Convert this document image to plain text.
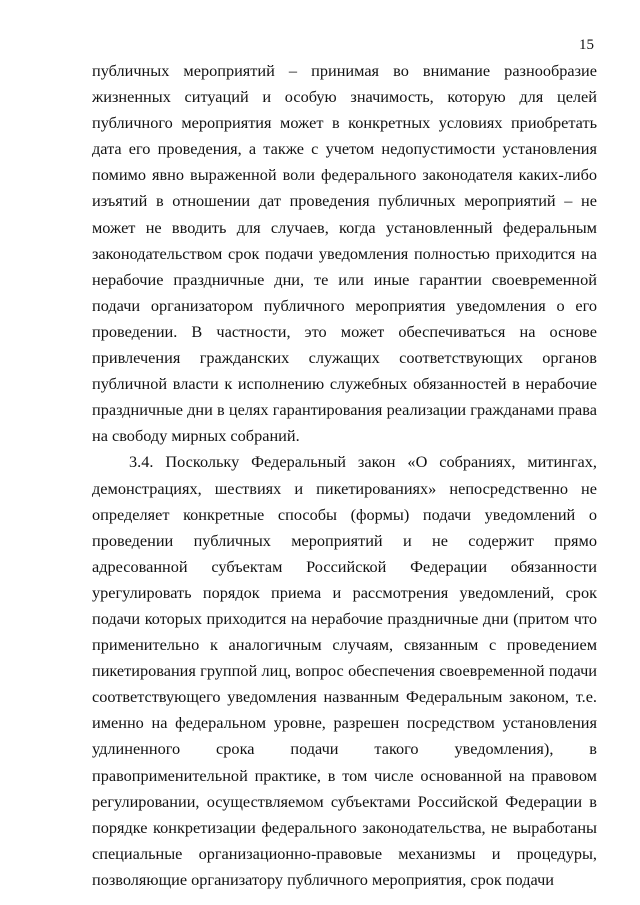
15

публичных мероприятий – принимая во внимание разнообразие жизненных ситуаций и особую значимость, которую для целей публичного мероприятия может в конкретных условиях приобретать дата его проведения, а также с учетом недопустимости установления помимо явно выраженной воли федерального законодателя каких-либо изъятий в отношении дат проведения публичных мероприятий – не может не вводить для случаев, когда установленный федеральным законодательством срок подачи уведомления полностью приходится на нерабочие праздничные дни, те или иные гарантии своевременной подачи организатором публичного мероприятия уведомления о его проведении. В частности, это может обеспечиваться на основе привлечения гражданских служащих соответствующих органов публичной власти к исполнению служебных обязанностей в нерабочие праздничные дни в целях гарантирования реализации гражданами права на свободу мирных собраний.

3.4. Поскольку Федеральный закон «О собраниях, митингах, демонстрациях, шествиях и пикетированиях» непосредственно не определяет конкретные способы (формы) подачи уведомлений о проведении публичных мероприятий и не содержит прямо адресованной субъектам Российской Федерации обязанности урегулировать порядок приема и рассмотрения уведомлений, срок подачи которых приходится на нерабочие праздничные дни (притом что применительно к аналогичным случаям, связанным с проведением пикетирования группой лиц, вопрос обеспечения своевременной подачи соответствующего уведомления названным Федеральным законом, т.е. именно на федеральном уровне, разрешен посредством установления удлиненного срока подачи такого уведомления), в правоприменительной практике, в том числе основанной на правовом регулировании, осуществляемом субъектами Российской Федерации в порядке конкретизации федерального законодательства, не выработаны специальные организационно-правовые механизмы и процедуры, позволяющие организатору публичного мероприятия, срок подачи
